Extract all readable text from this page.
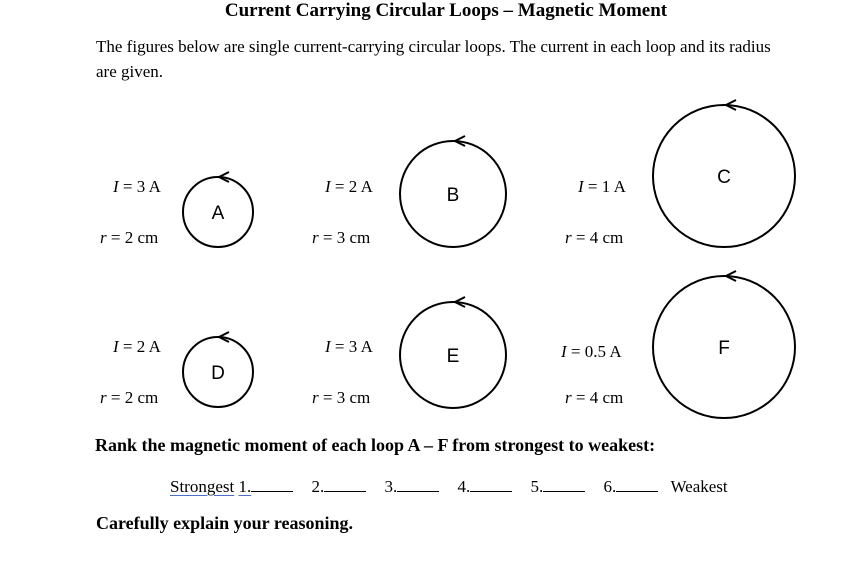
Current Carrying Circular Loops – Magnetic Moment
The figures below are single current-carrying circular loops. The current in each loop and its radius are given.
I = 3 A
r = 2 cm
I = 2 A
r = 3 cm
I = 1 A
r = 4 cm
I = 2 A
r = 2 cm
I = 3 A
r = 3 cm
I = 0.5 A
r = 4 cm
A
B
C
D
E	F
Rank the magnetic moment of each loop A – F from strongest to weakest:
Strongest 1.	2.	3.	4.	5.	6.	Weakest
Carefully explain your reasoning.
